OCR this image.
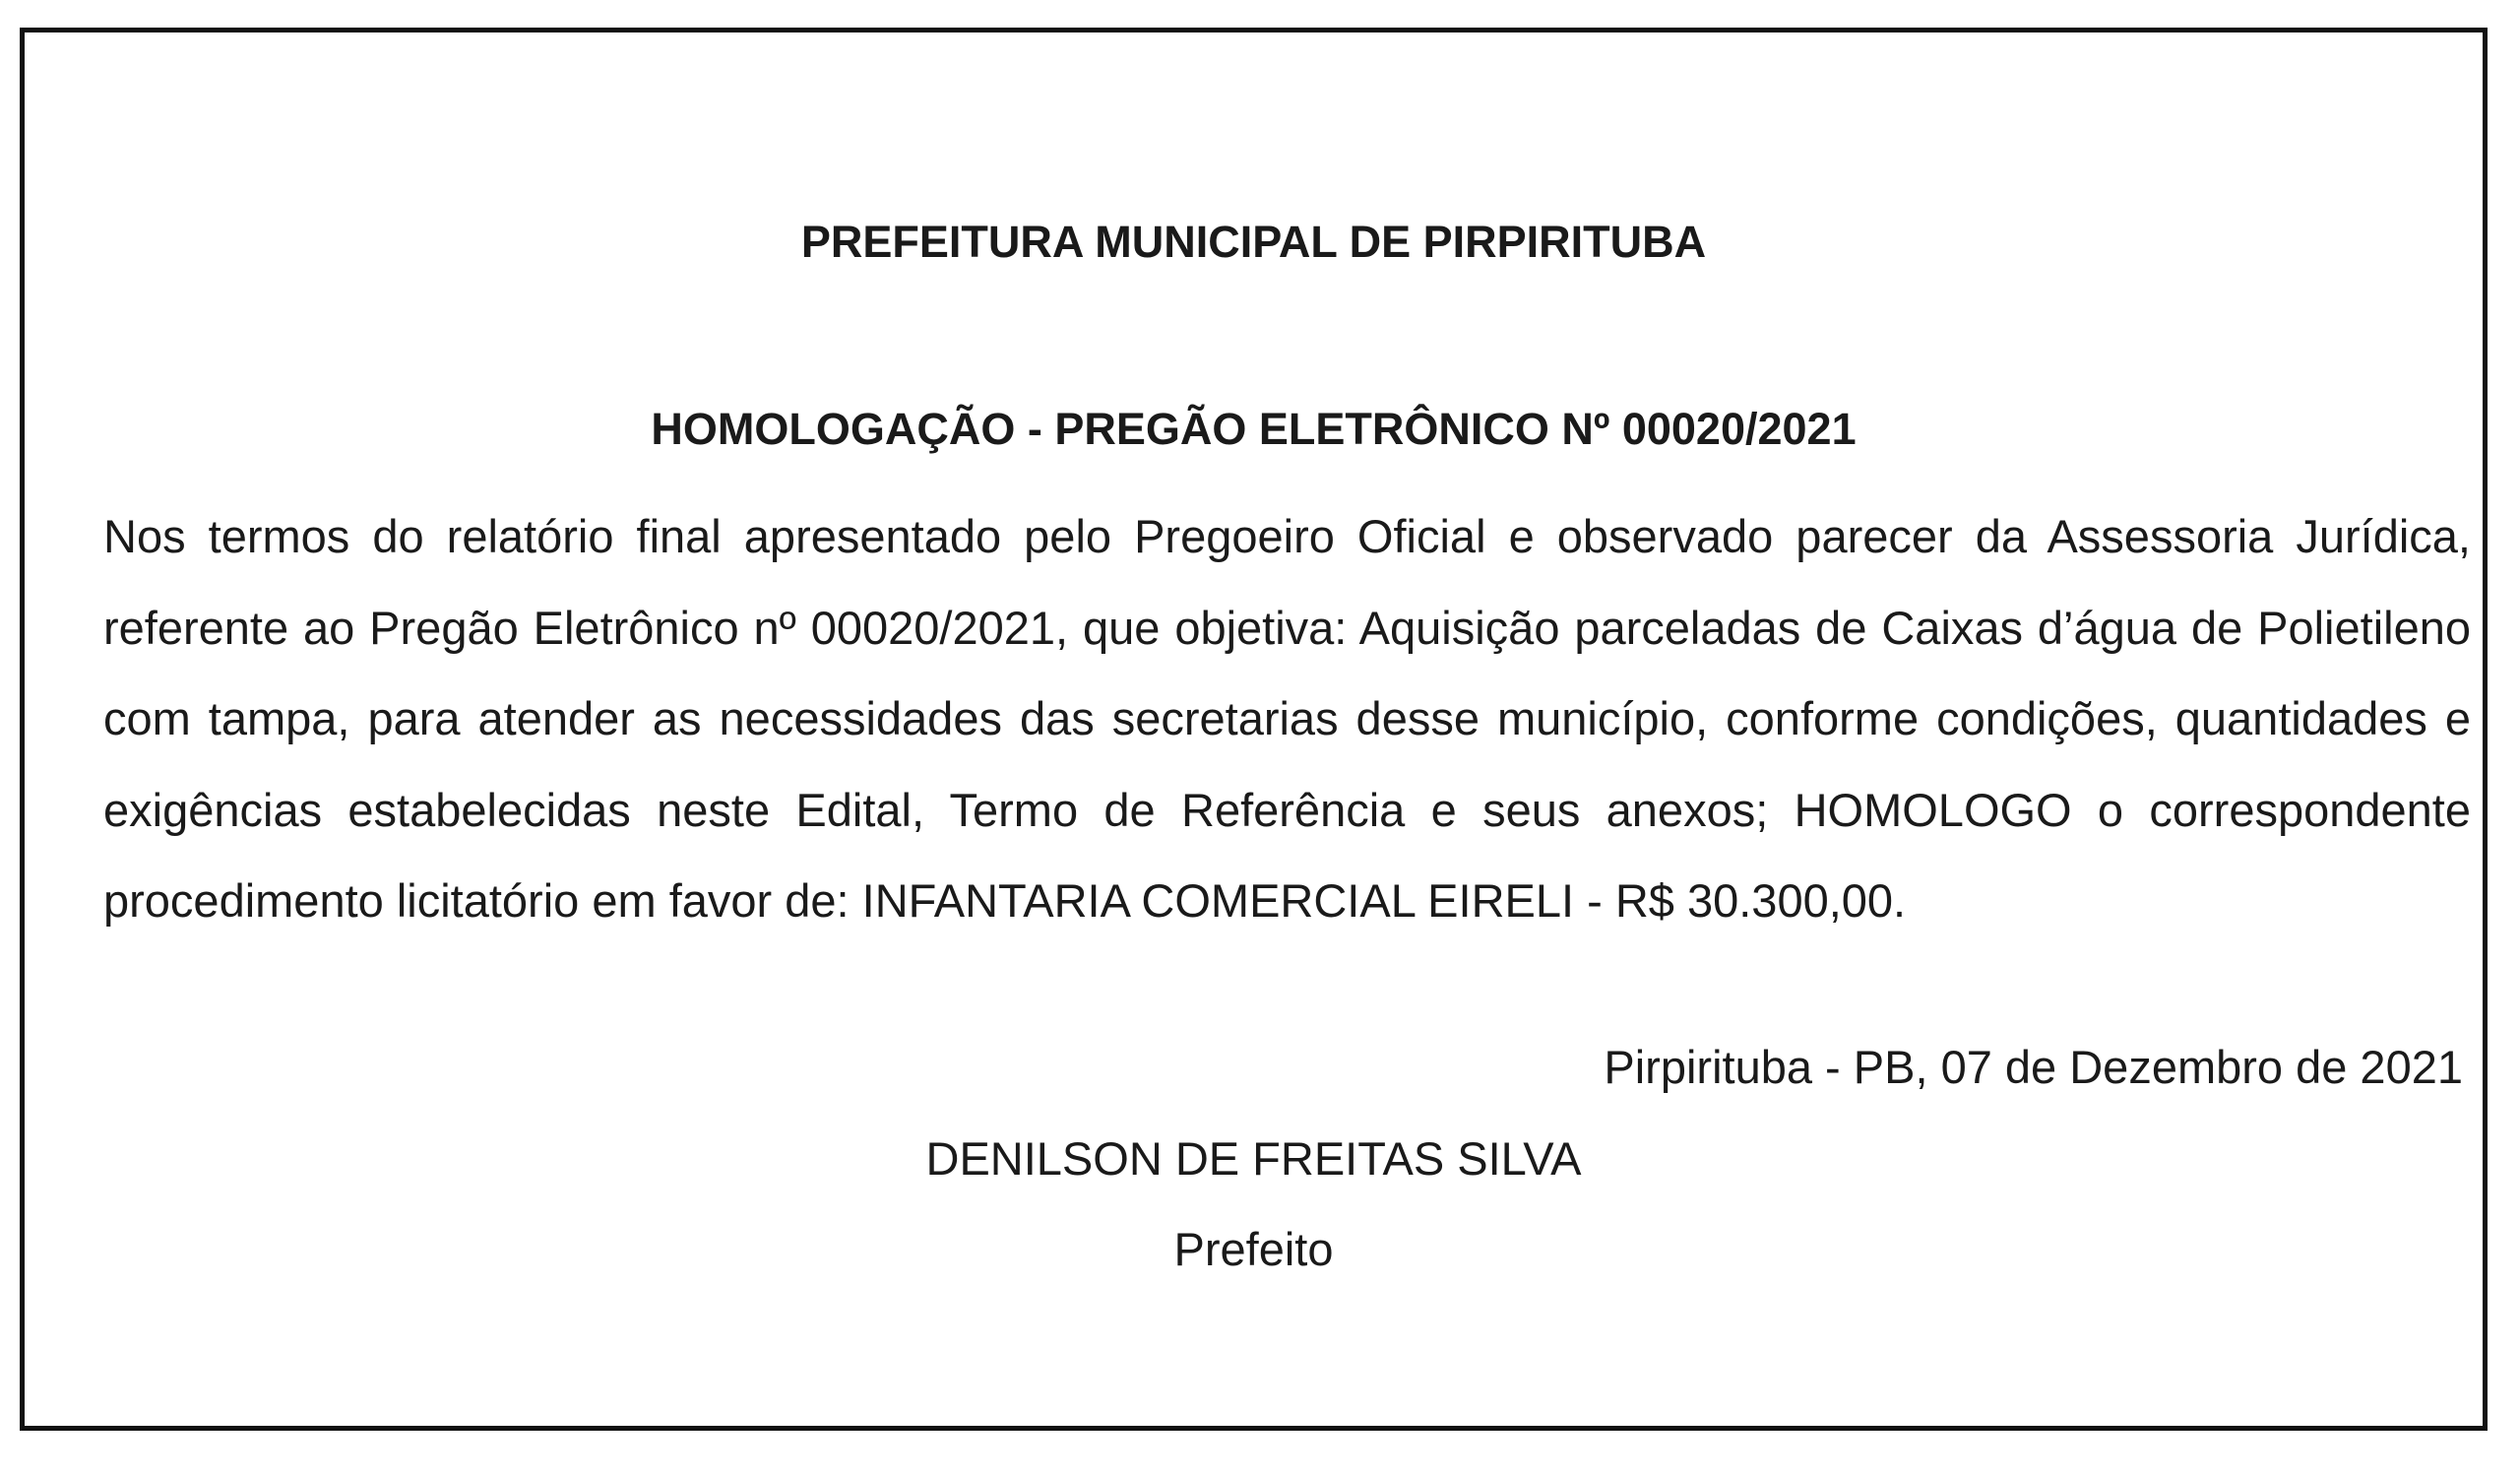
PREFEITURA MUNICIPAL DE PIRPIRITUBA
HOMOLOGAÇÃO - PREGÃO ELETRÔNICO Nº 00020/2021

Nos termos do relatório final apresentado pelo Pregoeiro Oficial e observado parecer da Assessoria Jurídica, referente ao Pregão Eletrônico nº 00020/2021, que objetiva: Aquisição parceladas de Caixas d’água de Polietileno com tampa, para atender as necessidades das secretarias desse município, conforme condições, quantidades e exigências estabelecidas neste Edital, Termo de Referência e seus anexos; HOMOLOGO o correspondente procedimento licitatório em favor de: INFANTARIA COMERCIAL EIRELI - R$ 30.300,00.

Pirpirituba - PB, 07 de Dezembro de 2021
DENILSON DE FREITAS SILVA
Prefeito
